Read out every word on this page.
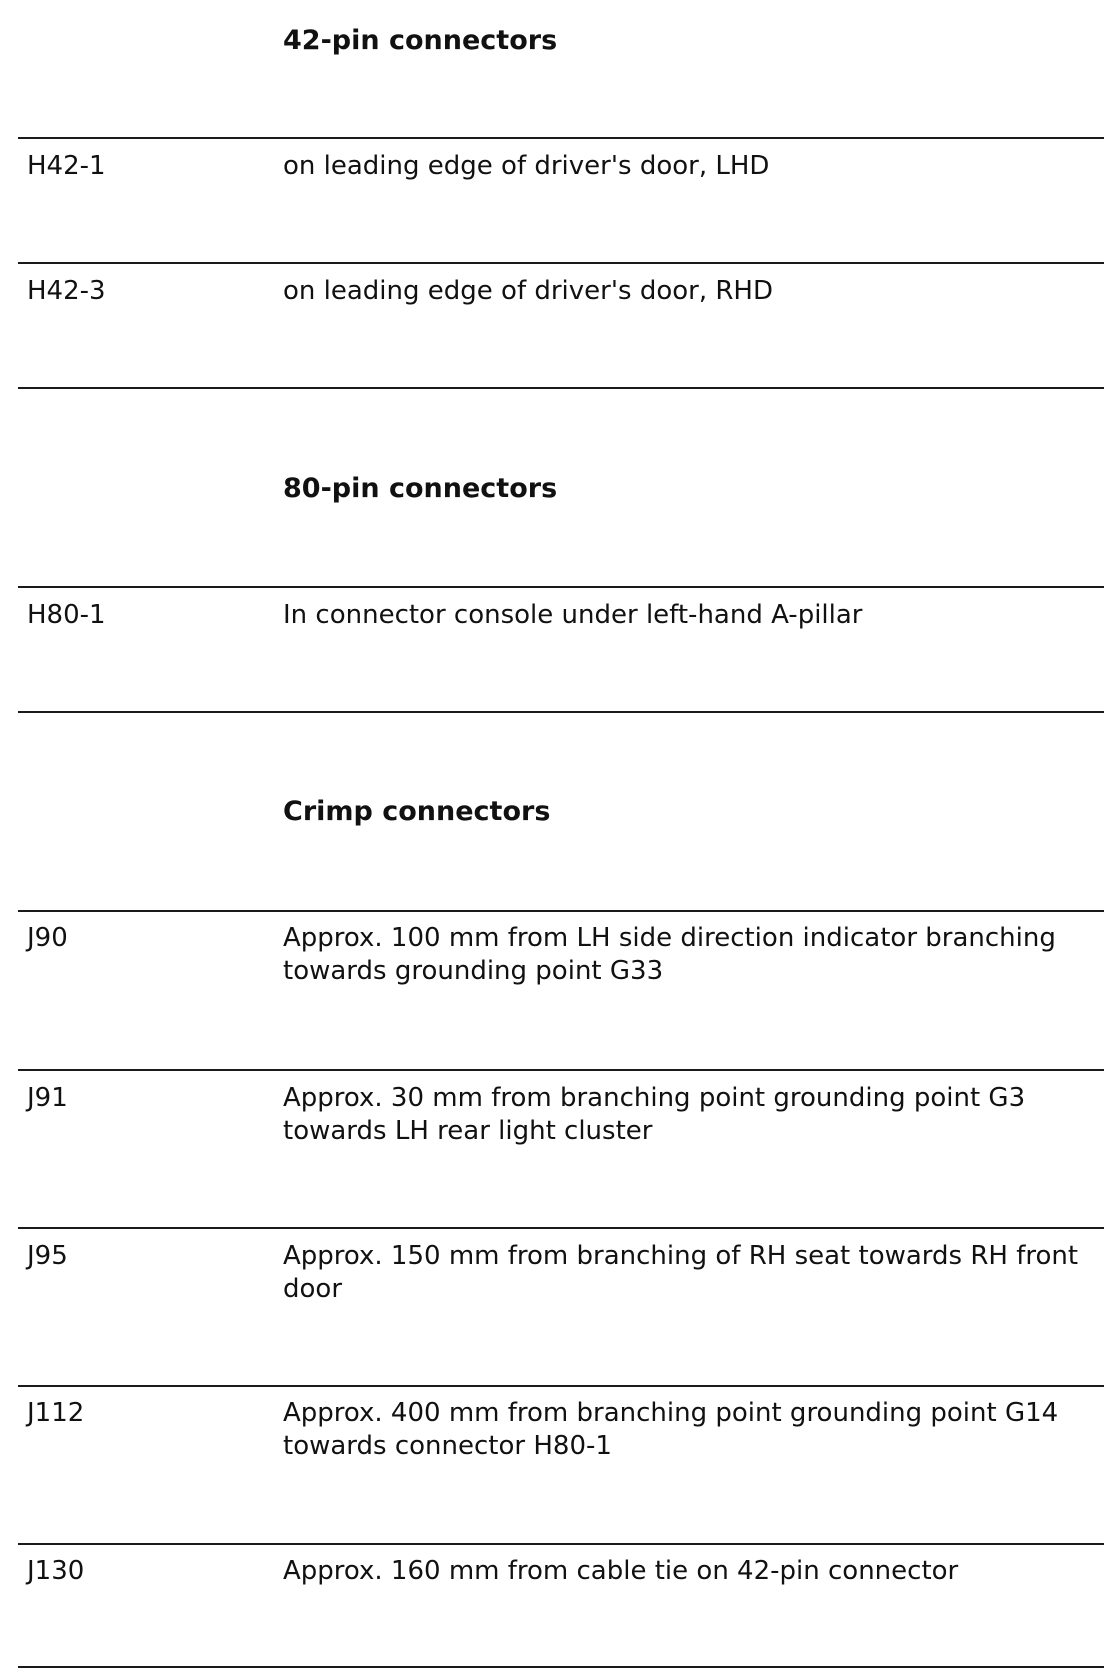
42-pin connectors
H42-1	on leading edge of driver's door, LHD
H42-3	on leading edge of driver's door, RHD
80-pin connectors
H80-1	In connector console under left-hand A-pillar
Crimp connectors
J90	Approx. 100 mm from LH side direction indicator branching towards grounding point G33
J91	Approx. 30 mm from branching point grounding point G3 towards LH rear light cluster
J95	Approx. 150 mm from branching of RH seat towards RH front door
J112	Approx. 400 mm from branching point grounding point G14 towards connector H80-1
J130	Approx. 160 mm from cable tie on 42-pin connector
